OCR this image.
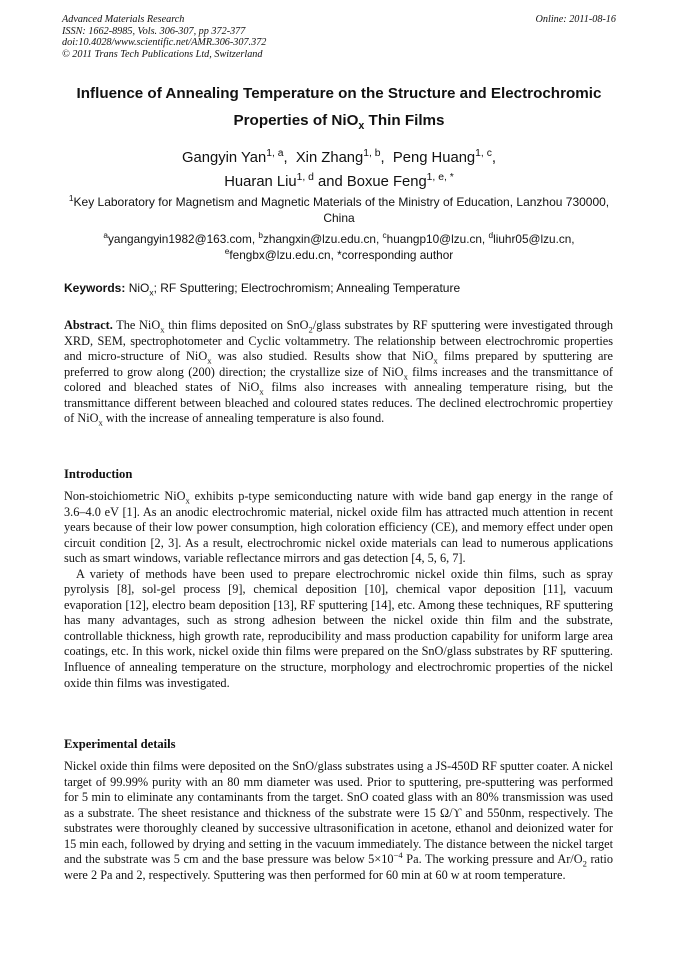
Advanced Materials Research
ISSN: 1662-8985, Vols. 306-307, pp 372-377
doi:10.4028/www.scientific.net/AMR.306-307.372
© 2011 Trans Tech Publications Ltd, Switzerland
Online: 2011-08-16
Influence of Annealing Temperature on the Structure and Electrochromic
Properties of NiO$_x$ Thin Films
Gangyin Yan$^{1, a}$,  Xin Zhang$^{1, b}$,  Peng Huang$^{1, c}$,
Huaran Liu$^{1, d}$ and Boxue Feng$^{1, e, *}$
$^1$Key Laboratory for Magnetism and Magnetic Materials of the Ministry of Education, Lanzhou 730000, China
$^a$yangangyin1982@163.com, $^b$zhangxin@lzu.edu.cn, $^c$huangp10@lzu.cn, $^d$liuhr05@lzu.cn,
$^e$fengbx@lzu.edu.cn, *corresponding author
Keywords: NiO$_x$; RF Sputtering; Electrochromism; Annealing Temperature
Abstract. The NiO$_x$ thin flims deposited on SnO$_2$/glass substrates by RF sputtering were investigated through XRD, SEM, spectrophotometer and Cyclic voltammetry. The relationship between electrochromic properties and micro-structure of NiO$_x$ was also studied. Results show that NiO$_x$ films prepared by sputtering are preferred to grow along (200) direction; the crystallize size of NiO$_x$ films increases and the transmittance of colored and bleached states of NiO$_x$ films also increases with annealing temperature rising, but the transmittance different between bleached and coloured states reduces. The declined electrochromic propertiey of NiO$_x$ with the increase of annealing temperature is also found.
Introduction

Non-stoichiometric NiO$_x$ exhibits p-type semiconducting nature with wide band gap energy in the range of 3.6–4.0 eV [1]. As an anodic electrochromic material, nickel oxide film has attracted much attention in recent years because of their low power consumption, high coloration efficiency (CE), and memory effect under open circuit condition [2, 3]. As a result, electrochromic nickel oxide materials can lead to numerous applications such as smart windows, variable reflectance mirrors and gas detection [4, 5, 6, 7].

A variety of methods have been used to prepare electrochromic nickel oxide thin films, such as spray pyrolysis [8], sol-gel process [9], chemical deposition [10], chemical vapor deposition [11], vacuum evaporation [12], electro beam deposition [13], RF sputtering [14], etc. Among these techniques, RF sputtering has many advantages, such as strong adhesion between the nickel oxide thin film and the substrate, controllable thickness, high growth rate, reproducibility and mass production capability for uniform large area coatings, etc. In this work, nickel oxide thin films were prepared on the SnO/glass substrates by RF sputtering. Influence of annealing temperature on the structure, morphology and electrochromic properties of the nickel oxide thin films was investigated.

Experimental details

Nickel oxide thin films were deposited on the SnO/glass substrates using a JS-450D RF sputter coater. A nickel target of 99.99% purity with an 80 mm diameter was used. Prior to sputtering, pre-sputtering was performed for 5 min to eliminate any contaminants from the target. SnO coated glass with an 80% transmission was used as a substrate. The sheet resistance and thickness of the substrate were 15 Ω/ϒ and 550nm, respectively. The substrates were thoroughly cleaned by successive ultrasonification in acetone, ethanol and deionized water for 15 min each, followed by drying and setting in the vacuum immediately. The distance between the nickel target and the substrate was 5 cm and the base pressure was below $5\times 10^{-4}$ Pa. The working pressure and $Ar/O_2$ ratio were 2 Pa and 2, respectively. Sputtering was then performed for 60 min at 60 w at room temperature.
